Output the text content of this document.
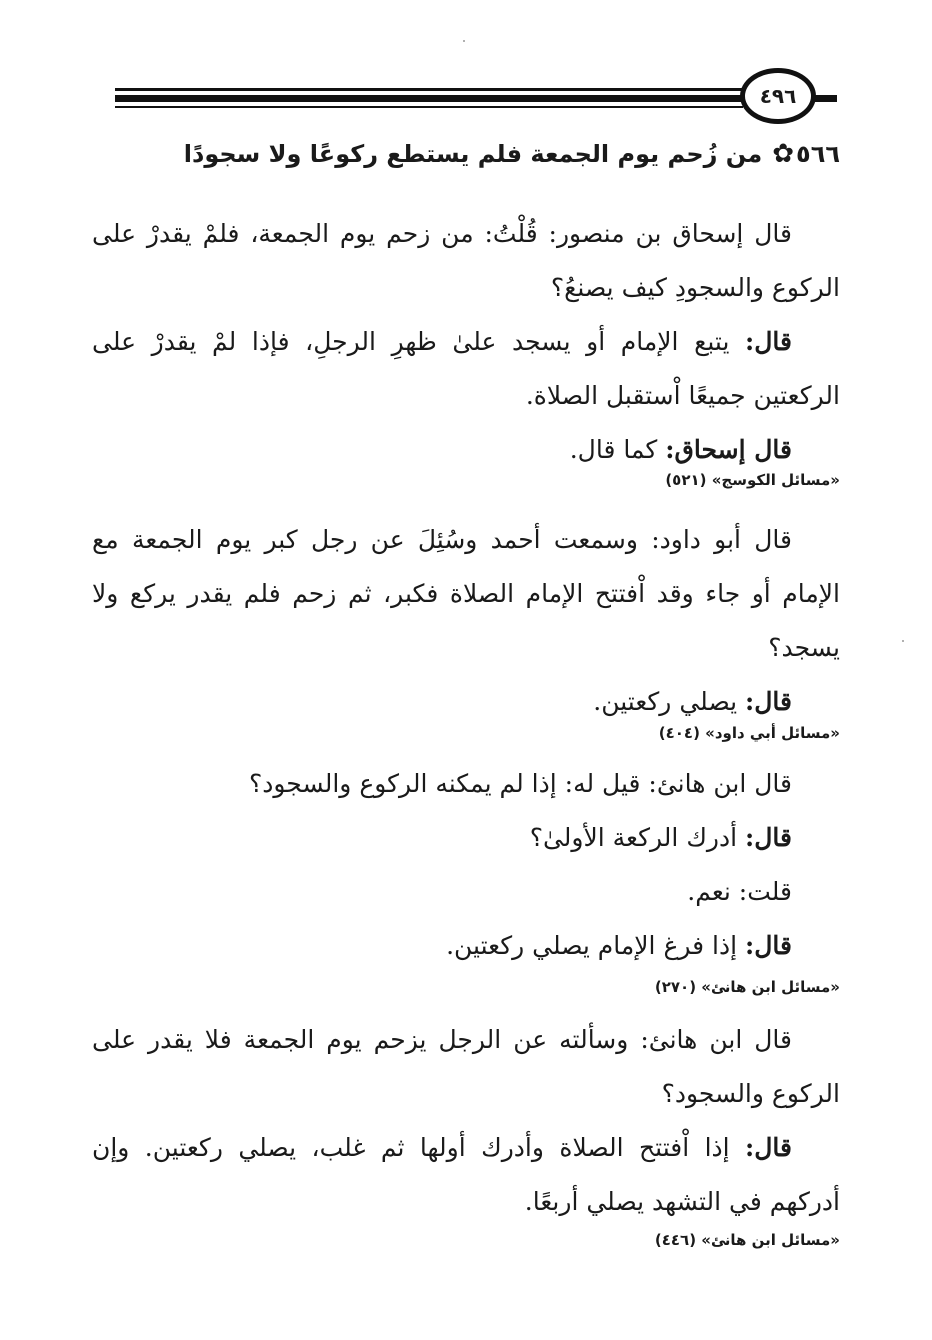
٤٩٦
✿ ٥٦٦
من زُحم يوم الجمعة فلم يستطع ركوعًا ولا سجودًا

قال إسحاق بن منصور: قُلْتُ: من زحم يوم الجمعة، فلمْ يقدرْ على الركوع والسجودِ كيف يصنعُ؟

قال: يتبع الإمام أو يسجد علىٰ ظهرِ الرجلِ، فإذا لمْ يقدرْ على الركعتين جميعًا اْستقبل الصلاة.

قال إسحاق: كما قال.

«مسائل الكوسج» (٥٢١)

قال أبو داود: وسمعت أحمد وسُئِلَ عن رجل كبر يوم الجمعة مع الإمام أو جاء وقد اْفتتح الإمام الصلاة فكبر، ثم زحم فلم يقدر يركع ولا يسجد؟

قال: يصلي ركعتين.

«مسائل أبي داود» (٤٠٤)

قال ابن هانئ: قيل له: إذا لم يمكنه الركوع والسجود؟

قال: أدرك الركعة الأولىٰ؟

قلت: نعم.

قال: إذا فرغ الإمام يصلي ركعتين.

«مسائل ابن هانئ» (٢٧٠)

قال ابن هانئ: وسألته عن الرجل يزحم يوم الجمعة فلا يقدر على الركوع والسجود؟

قال: إذا اْفتتح الصلاة وأدرك أولها ثم غلب، يصلي ركعتين. وإن أدركهم في التشهد يصلي أربعًا.

«مسائل ابن هانئ» (٤٤٦)
